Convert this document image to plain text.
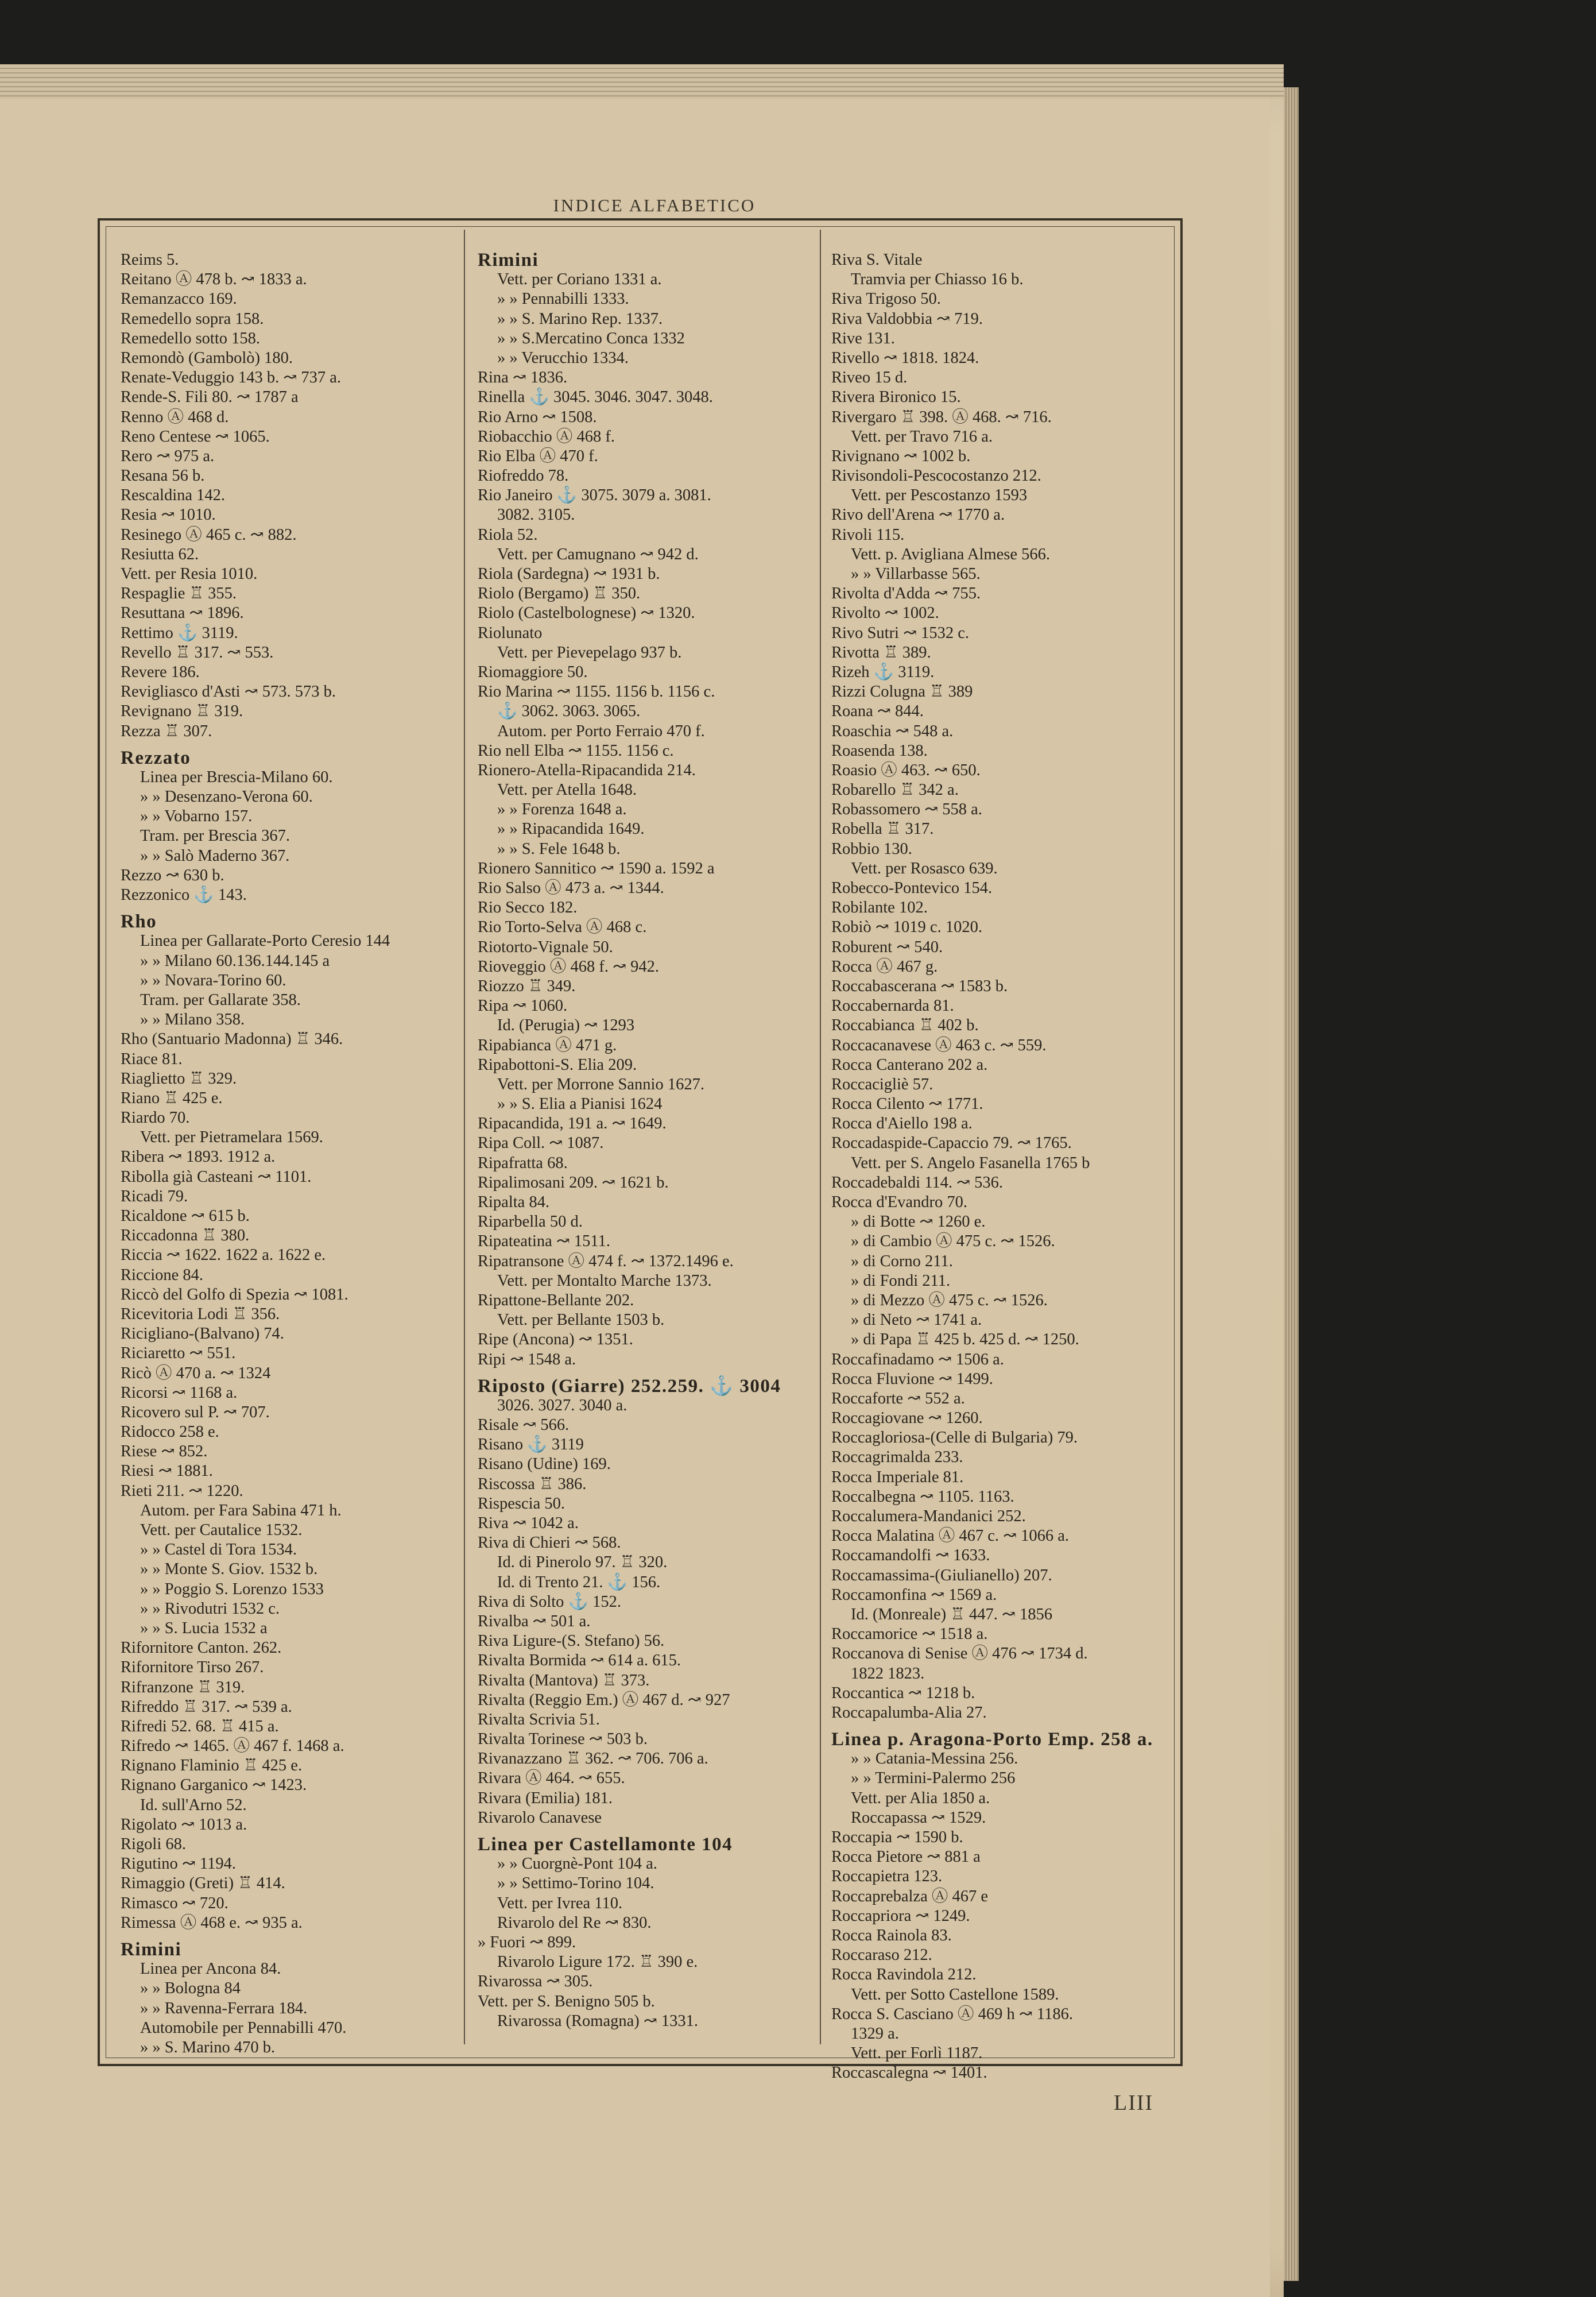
INDICE ALFABETICO
Reims 5.
Reitano Ⓐ 478 b. ↝ 1833 a.
Remanzacco 169.
Remedello sopra 158.
Remedello sotto 158.
Remondò (Gambolò) 180.
Renate-Veduggio 143 b. ↝ 737 a.
Rende-S. Fili 80. ↝ 1787 a
Renno Ⓐ 468 d.
Reno Centese ↝ 1065.
Rero ↝ 975 a.
Resana 56 b.
Rescaldina 142.
Resia ↝ 1010.
Resinego Ⓐ 465 c. ↝ 882.
Resiutta 62.
Vett. per Resia 1010.
Respaglie ♖ 355.
Resuttana ↝ 1896.
Rettimo ⚓ 3119.
Revello ♖ 317. ↝ 553.
Revere 186.
Revigliasco d'Asti ↝ 573. 573 b.
Revignano ♖ 319.
Rezza ♖ 307.
Rezzato
Linea per Brescia-Milano 60.
» » Desenzano-Verona 60.
» » Vobarno 157.
Tram. per Brescia 367.
» » Salò Maderno 367.
Rezzo ↝ 630 b.
Rezzonico ⚓ 143.
Rho
Linea per Gallarate-Porto Ceresio 144
» » Milano 60.136.144.145 a
» » Novara-Torino 60.
Tram. per Gallarate 358.
» » Milano 358.
Rho (Santuario Madonna) ♖ 346.
Riace 81.
Riaglietto ♖ 329.
Riano ♖ 425 e.
Riardo 70.
Vett. per Pietramelara 1569.
Ribera ↝ 1893. 1912 a.
Ribolla già Casteani ↝ 1101.
Ricadi 79.
Ricaldone ↝ 615 b.
Riccadonna ♖ 380.
Riccia ↝ 1622. 1622 a. 1622 e.
Riccione 84.
Riccò del Golfo di Spezia ↝ 1081.
Ricevitoria Lodi ♖ 356.
Ricigliano-(Balvano) 74.
Riciaretto ↝ 551.
Ricò Ⓐ 470 a. ↝ 1324
Ricorsi ↝ 1168 a.
Ricovero sul P. ↝ 707.
Ridocco 258 e.
Riese ↝ 852.
Riesi ↝ 1881.
Rieti 211. ↝ 1220.
Autom. per Fara Sabina 471 h.
Vett. per Cautalice 1532.
» » Castel di Tora 1534.
» » Monte S. Giov. 1532 b.
» » Poggio S. Lorenzo 1533
» » Rivodutri 1532 c.
» » S. Lucia 1532 a
Rifornitore Canton. 262.
Rifornitore Tirso 267.
Rifranzone ♖ 319.
Rifreddo ♖ 317. ↝ 539 a.
Rifredi 52. 68. ♖ 415 a.
Rifredo ↝ 1465. Ⓐ 467 f. 1468 a.
Rignano Flaminio ♖ 425 e.
Rignano Garganico ↝ 1423.
Id. sull'Arno 52.
Rigolato ↝ 1013 a.
Rigoli 68.
Rigutino ↝ 1194.
Rimaggio (Greti) ♖ 414.
Rimasco ↝ 720.
Rimessa Ⓐ 468 e. ↝ 935 a.
Rimini
Linea per Ancona 84.
» » Bologna 84
» » Ravenna-Ferrara 184.
Automobile per Pennabilli 470.
» » S. Marino 470 b.
Rimini
Vett. per Coriano 1331 a.
» » Pennabilli 1333.
» » S. Marino Rep. 1337.
» » S.Mercatino Conca 1332
» » Verucchio 1334.
Rina ↝ 1836.
Rinella ⚓ 3045. 3046. 3047. 3048.
Rio Arno ↝ 1508.
Riobacchio Ⓐ 468 f.
Rio Elba Ⓐ 470 f.
Riofreddo 78.
Rio Janeiro ⚓ 3075. 3079 a. 3081.
3082. 3105.
Riola 52.
Vett. per Camugnano ↝ 942 d.
Riola (Sardegna) ↝ 1931 b.
Riolo (Bergamo) ♖ 350.
Riolo (Castelbolognese) ↝ 1320.
Riolunato
Vett. per Pievepelago 937 b.
Riomaggiore 50.
Rio Marina ↝ 1155. 1156 b. 1156 c.
⚓ 3062. 3063. 3065.
Autom. per Porto Ferraio 470 f.
Rio nell Elba ↝ 1155. 1156 c.
Rionero-Atella-Ripacandida 214.
Vett. per Atella 1648.
» » Forenza 1648 a.
» » Ripacandida 1649.
» » S. Fele 1648 b.
Rionero Sannitico ↝ 1590 a. 1592 a
Rio Salso Ⓐ 473 a. ↝ 1344.
Rio Secco 182.
Rio Torto-Selva Ⓐ 468 c.
Riotorto-Vignale 50.
Rioveggio Ⓐ 468 f. ↝ 942.
Riozzo ♖ 349.
Ripa ↝ 1060.
Id. (Perugia) ↝ 1293
Ripabianca Ⓐ 471 g.
Ripabottoni-S. Elia 209.
Vett. per Morrone Sannio 1627.
» » S. Elia a Pianisi 1624
Ripacandida, 191 a. ↝ 1649.
Ripa Coll. ↝ 1087.
Ripafratta 68.
Ripalimosani 209. ↝ 1621 b.
Ripalta 84.
Riparbella 50 d.
Ripateatina ↝ 1511.
Ripatransone Ⓐ 474 f. ↝ 1372.1496 e.
Vett. per Montalto Marche 1373.
Ripattone-Bellante 202.
Vett. per Bellante 1503 b.
Ripe (Ancona) ↝ 1351.
Ripi ↝ 1548 a.
Riposto (Giarre) 252.259. ⚓ 3004
3026. 3027. 3040 a.
Risale ↝ 566.
Risano ⚓ 3119
Risano (Udine) 169.
Riscossa ♖ 386.
Rispescia 50.
Riva ↝ 1042 a.
Riva di Chieri ↝ 568.
Id. di Pinerolo 97. ♖ 320.
Id. di Trento 21. ⚓ 156.
Riva di Solto ⚓ 152.
Rivalba ↝ 501 a.
Riva Ligure-(S. Stefano) 56.
Rivalta Bormida ↝ 614 a. 615.
Rivalta (Mantova) ♖ 373.
Rivalta (Reggio Em.) Ⓐ 467 d. ↝ 927
Rivalta Scrivia 51.
Rivalta Torinese ↝ 503 b.
Rivanazzano ♖ 362. ↝ 706. 706 a.
Rivara Ⓐ 464. ↝ 655.
Rivara (Emilia) 181.
Rivarolo Canavese
Linea per Castellamonte 104
» » Cuorgnè-Pont 104 a.
» » Settimo-Torino 104.
Vett. per Ivrea 110.
Rivarolo del Re ↝ 830.
» Fuori ↝ 899.
Rivarolo Ligure 172. ♖ 390 e.
Rivarossa ↝ 305.
Vett. per S. Benigno 505 b.
Rivarossa (Romagna) ↝ 1331.
Riva S. Vitale
Tramvia per Chiasso 16 b.
Riva Trigoso 50.
Riva Valdobbia ↝ 719.
Rive 131.
Rivello ↝ 1818. 1824.
Riveo 15 d.
Rivera Bironico 15.
Rivergaro ♖ 398. Ⓐ 468. ↝ 716.
Vett. per Travo 716 a.
Rivignano ↝ 1002 b.
Rivisondoli-Pescocostanzo 212.
Vett. per Pescostanzo 1593
Rivo dell'Arena ↝ 1770 a.
Rivoli 115.
Vett. p. Avigliana Almese 566.
» » Villarbasse 565.
Rivolta d'Adda ↝ 755.
Rivolto ↝ 1002.
Rivo Sutri ↝ 1532 c.
Rivotta ♖ 389.
Rizeh ⚓ 3119.
Rizzi Colugna ♖ 389
Roana ↝ 844.
Roaschia ↝ 548 a.
Roasenda 138.
Roasio Ⓐ 463. ↝ 650.
Robarello ♖ 342 a.
Robassomero ↝ 558 a.
Robella ♖ 317.
Robbio 130.
Vett. per Rosasco 639.
Robecco-Pontevico 154.
Robilante 102.
Robiò ↝ 1019 c. 1020.
Roburent ↝ 540.
Rocca Ⓐ 467 g.
Roccabascerana ↝ 1583 b.
Roccabernarda 81.
Roccabianca ♖ 402 b.
Roccacanavese Ⓐ 463 c. ↝ 559.
Rocca Canterano 202 a.
Roccacigliè 57.
Rocca Cilento ↝ 1771.
Rocca d'Aiello 198 a.
Roccadaspide-Capaccio 79. ↝ 1765.
Vett. per S. Angelo Fasanella 1765 b
Roccadebaldi 114. ↝ 536.
Rocca d'Evandro 70.
» di Botte ↝ 1260 e.
» di Cambio Ⓐ 475 c. ↝ 1526.
» di Corno 211.
» di Fondi 211.
» di Mezzo Ⓐ 475 c. ↝ 1526.
» di Neto ↝ 1741 a.
» di Papa ♖ 425 b. 425 d. ↝ 1250.
Roccafinadamo ↝ 1506 a.
Rocca Fluvione ↝ 1499.
Roccaforte ↝ 552 a.
Roccagiovane ↝ 1260.
Roccagloriosa-(Celle di Bulgaria) 79.
Roccagrimalda 233.
Rocca Imperiale 81.
Roccalbegna ↝ 1105. 1163.
Roccalumera-Mandanici 252.
Rocca Malatina Ⓐ 467 c. ↝ 1066 a.
Roccamandolfi ↝ 1633.
Roccamassima-(Giulianello) 207.
Roccamonfina ↝ 1569 a.
Id. (Monreale) ♖ 447. ↝ 1856
Roccamorice ↝ 1518 a.
Roccanova di Senise Ⓐ 476 ↝ 1734 d.
1822 1823.
Roccantica ↝ 1218 b.
Roccapalumba-Alia 27.
Linea p. Aragona-Porto Emp. 258 a.
» » Catania-Messina 256.
» » Termini-Palermo 256
Vett. per Alia 1850 a.
Roccapassa ↝ 1529.
Roccapia ↝ 1590 b.
Rocca Pietore ↝ 881 a
Roccapietra 123.
Roccaprebalza Ⓐ 467 e
Roccapriora ↝ 1249.
Rocca Rainola 83.
Roccaraso 212.
Rocca Ravindola 212.
Vett. per Sotto Castellone 1589.
Rocca S. Casciano Ⓐ 469 h ↝ 1186.
1329 a.
Vett. per Forlì 1187.
Roccascalegna ↝ 1401.
LIII
